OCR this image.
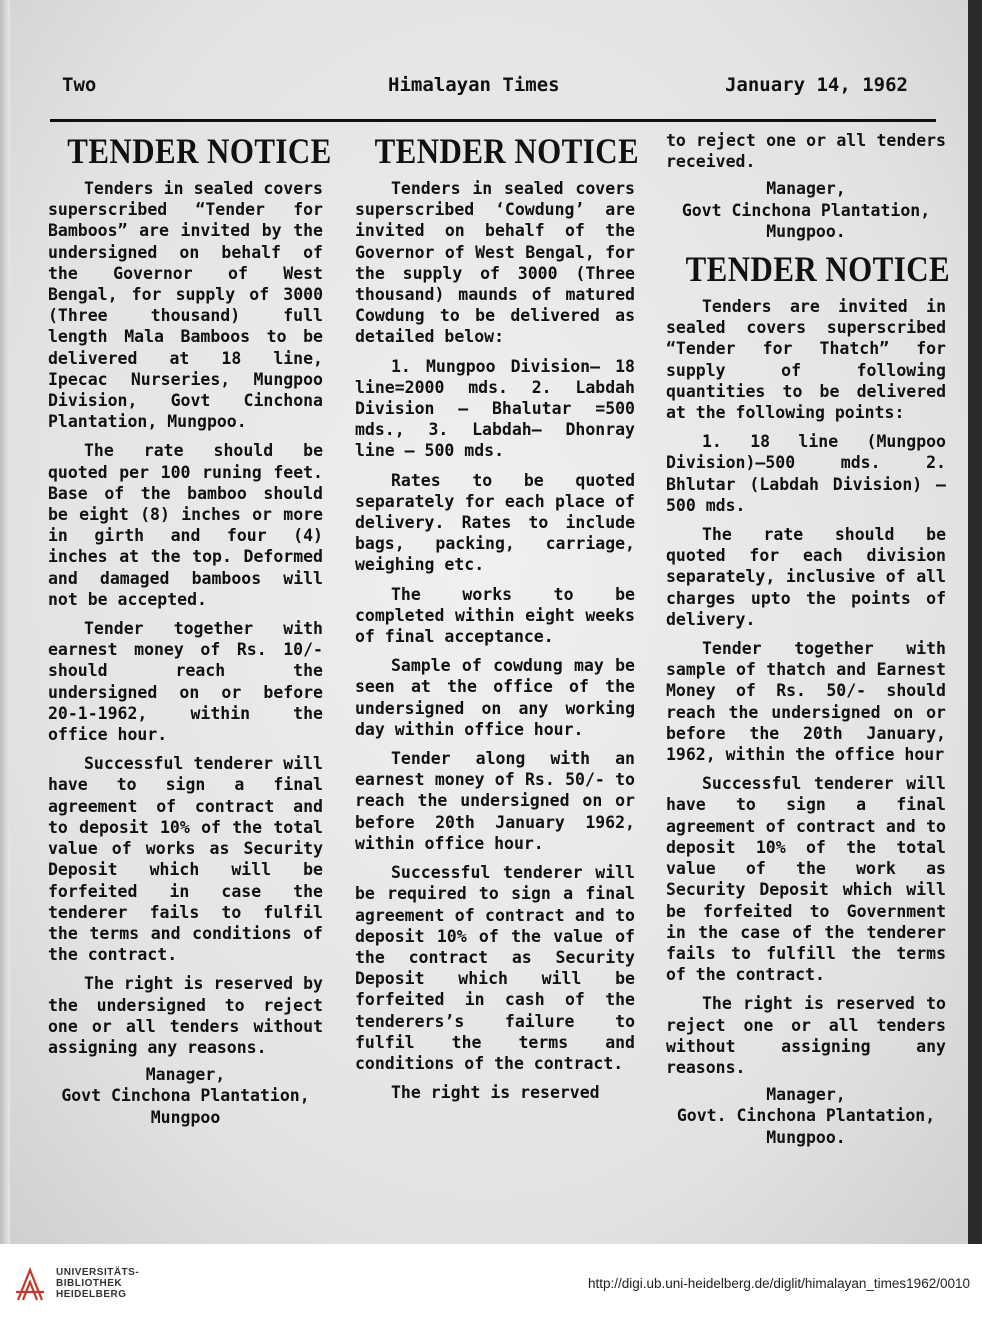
Two	Himalayan Times	January 14, 1962
TENDER NOTICE

Tenders in sealed covers superscribed “Tender for Bamboos” are invited by the undersigned on behalf of the Governor of West Bengal, for supply of 3000 (Three thousand) full length Mala Bamboos to be delivered at 18 line, Ipecac Nurseries, Mungpoo Division, Govt Cinchona Plantation, Mungpoo.

The rate should be quoted per 100 runing feet. Base of the bamboo should be eight (8) inches or more in girth and four (4) inches at the top. Deformed and damaged bamboos will not be accepted.

Tender together with earnest money of Rs. 10/- should reach the undersigned on or before 20-1-1962, within the office hour.

Successful tenderer will have to sign a final agreement of contract and to deposit 10% of the total value of works as Security Deposit which will be forfeited in case the tenderer fails to fulfil the terms and conditions of the contract.

The right is reserved by the undersigned to reject one or all tenders without assigning any reasons.

Manager,

Govt Cinchona Plantation,

Mungpoo

TENDER NOTICE

Tenders in sealed covers superscribed ‘Cowdung’ are invited on behalf of the Governor of West Bengal, for the supply of 3000 (Three thousand) maunds of matured Cowdung to be delivered as detailed below:

1. Mungpoo Division— 18 line=2000 mds. 2. Labdah Division — Bhalutar =500 mds., 3. Labdah— Dhonray line — 500 mds.

Rates to be quoted separately for each place of delivery. Rates to include bags, packing, carriage, weighing etc.

The works to be completed within eight weeks of final acceptance.

Sample of cowdung may be seen at the office of the undersigned on any working day within office hour.

Tender along with an earnest money of Rs. 50/- to reach the undersigned on or before 20th January 1962, within office hour.

Successful tenderer will be required to sign a final agreement of contract and to deposit 10% of the value of the contract as Security Deposit which will be forfeited in cash of the tenderers’s failure to fulfil the terms and conditions of the contract.

The right is reserved

to reject one or all tenders received.

Manager,

Govt Cinchona Plantation,

Mungpoo.

TENDER NOTICE

Tenders are invited in sealed covers superscribed “Tender for Thatch” for supply of following quantities to be delivered at the following points:

1. 18 line (Mungpoo Division)—500 mds. 2. Bhlutar (Labdah Division) —500 mds.

The rate should be quoted for each division separately, inclusive of all charges upto the points of delivery.

Tender together with sample of thatch and Earnest Money of Rs. 50/- should reach the undersigned on or before the 20th January, 1962, within the office hour

Successful tenderer will have to sign a final agreement of contract and to deposit 10% of the total value of the work as Security Deposit which will be forfeited to Government in the case of the tenderer fails to fulfill the terms of the contract.

The right is reserved to reject one or all tenders without assigning any reasons.

Manager,

Govt. Cinchona Plantation,

Mungpoo.

UNIVERSITÄTS-
BIBLIOTHEK
HEIDELBERG
http://digi.ub.uni-heidelberg.de/diglit/himalayan_times1962/0010
